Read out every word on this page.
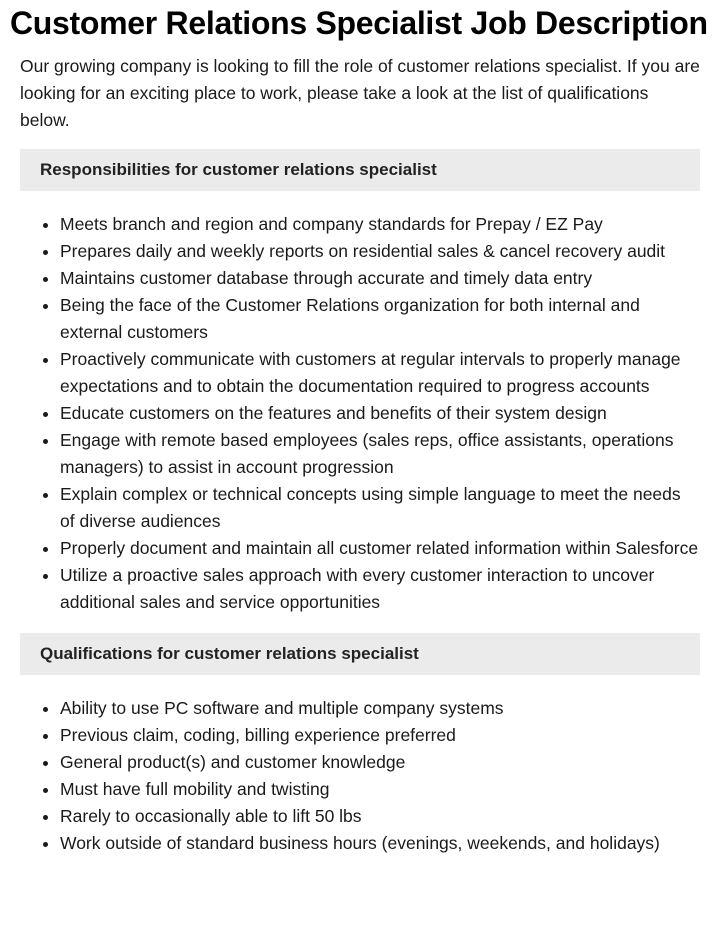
Customer Relations Specialist Job Description

Our growing company is looking to fill the role of customer relations specialist. If you are looking for an exciting place to work, please take a look at the list of qualifications below.

Responsibilities for customer relations specialist
• Meets branch and region and company standards for Prepay / EZ Pay
• Prepares daily and weekly reports on residential sales & cancel recovery audit
• Maintains customer database through accurate and timely data entry
• Being the face of the Customer Relations organization for both internal and external customers
• Proactively communicate with customers at regular intervals to properly manage expectations and to obtain the documentation required to progress accounts
• Educate customers on the features and benefits of their system design
• Engage with remote based employees (sales reps, office assistants, operations managers) to assist in account progression
• Explain complex or technical concepts using simple language to meet the needs of diverse audiences
• Properly document and maintain all customer related information within Salesforce
• Utilize a proactive sales approach with every customer interaction to uncover additional sales and service opportunities
Qualifications for customer relations specialist
• Ability to use PC software and multiple company systems
• Previous claim, coding, billing experience preferred
• General product(s) and customer knowledge
• Must have full mobility and twisting
• Rarely to occasionally able to lift 50 lbs
• Work outside of standard business hours (evenings, weekends, and holidays)
